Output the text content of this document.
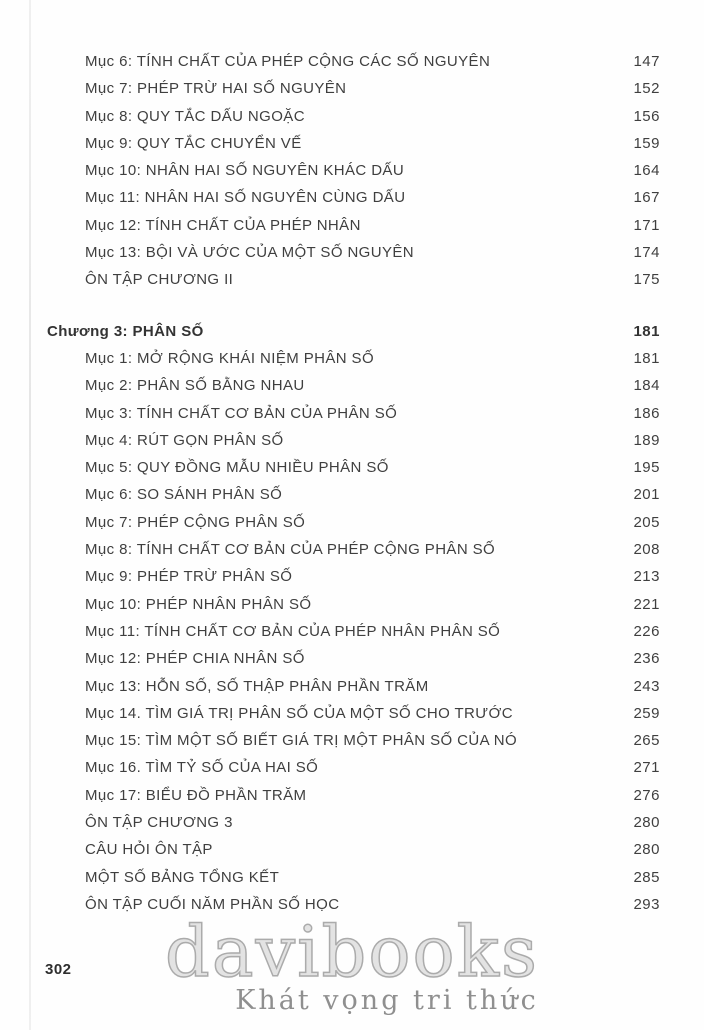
Mục 6: TÍNH CHẤT CỦA PHÉP CỘNG CÁC SỐ NGUYÊN	147
Mục 7: PHÉP TRỪ HAI SỐ NGUYÊN	152
Mục 8: QUY TẮC DẤU NGOẶC	156
Mục 9: QUY TẮC CHUYỂN VẾ	159
Mục 10: NHÂN HAI SỐ NGUYÊN KHÁC DẤU	164
Mục 11: NHÂN HAI SỐ NGUYÊN CÙNG DẤU	167
Mục 12: TÍNH CHẤT CỦA PHÉP NHÂN	171
Mục 13: BỘI VÀ ƯỚC CỦA MỘT SỐ NGUYÊN	174
ÔN TẬP CHƯƠNG II	175
Chương 3: PHÂN SỐ	181
Mục 1: MỞ RỘNG KHÁI NIỆM PHÂN SỐ	181
Mục 2: PHÂN SỐ BẰNG NHAU	184
Mục 3: TÍNH CHẤT CƠ BẢN CỦA PHÂN SỐ	186
Mục 4: RÚT GỌN PHÂN SỐ	189
Mục 5: QUY ĐỒNG MẪU NHIỀU PHÂN SỐ	195
Mục 6: SO SÁNH PHÂN SỐ	201
Mục 7: PHÉP CỘNG PHÂN SỐ	205
Mục 8: TÍNH CHẤT CƠ BẢN CỦA PHÉP CỘNG PHÂN SỐ	208
Mục 9: PHÉP TRỪ PHÂN SỐ	213
Mục 10: PHÉP NHÂN PHÂN SỐ	221
Mục 11: TÍNH CHẤT CƠ BẢN CỦA PHÉP NHÂN PHÂN SỐ	226
Mục 12: PHÉP CHIA NHÂN SỐ	236
Mục 13: HỖN SỐ, SỐ THẬP PHÂN PHẦN TRĂM	243
Mục 14. TÌM GIÁ TRỊ PHÂN SỐ CỦA MỘT SỐ CHO TRƯỚC	259
Mục 15: TÌM MỘT SỐ BIẾT GIÁ TRỊ MỘT PHÂN SỐ CỦA NÓ	265
Mục 16. TÌM TỶ SỐ CỦA HAI SỐ	271
Mục 17: BIỂU ĐỒ PHẦN TRĂM	276
ÔN TẬP CHƯƠNG 3	280
CÂU HỎI ÔN TẬP	280
MỘT SỐ BẢNG TỔNG KẾT	285
ÔN TẬP CUỐI NĂM PHẦN SỐ HỌC	293
302	davibooks
Khát vọng tri thức
